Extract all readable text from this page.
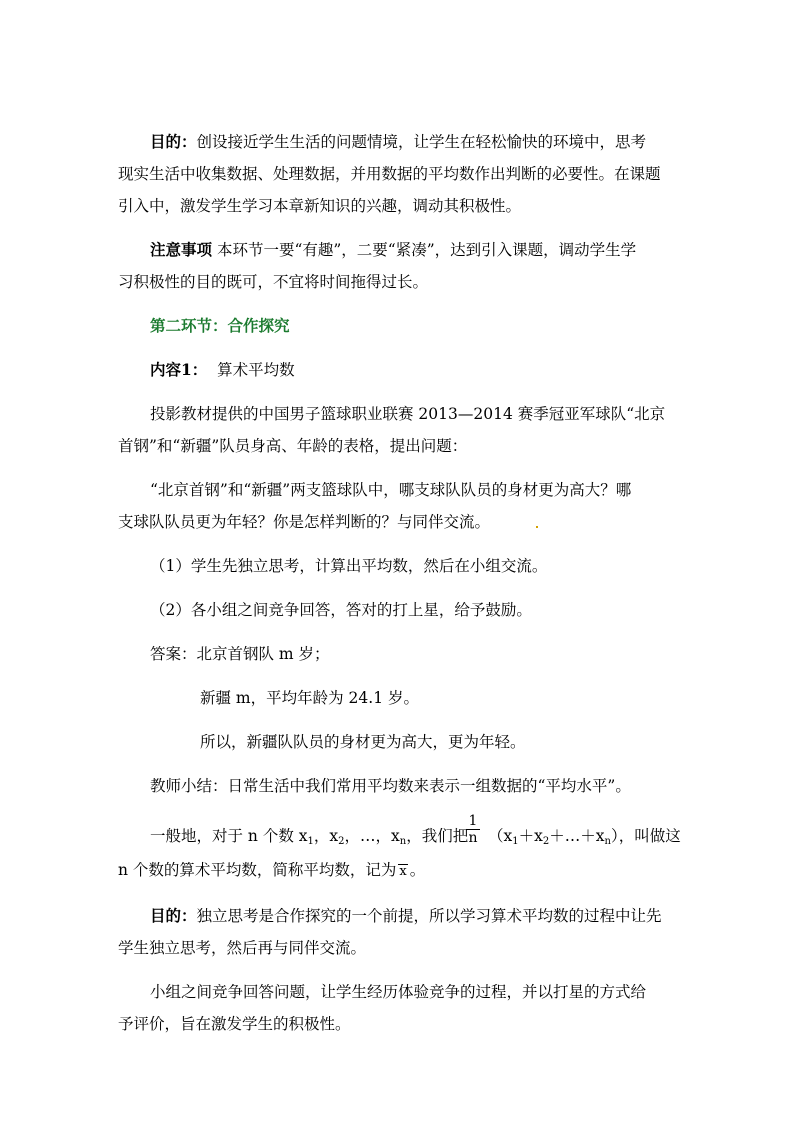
目的：创设接近学生生活的问题情境，让学生在轻松愉快的环境中，思考
现实生活中收集数据、处理数据，并用数据的平均数作出判断的必要性。在课题
引入中，激发学生学习本章新知识的兴趣，调动其积极性。
注意事项 本环节一要“有趣”，二要“紧凑”，达到引入课题，调动学生学
习积极性的目的既可，不宜将时间拖得过长。
第二环节：合作探究
内容1： 算术平均数
投影教材提供的中国男子篮球职业联赛 2013—2014 赛季冠亚军球队“北京
首钢”和“新疆”队员身高、年龄的表格，提出问题：
“北京首钢”和“新疆”两支篮球队中，哪支球队队员的身材更为高大？哪
支球队队员更为年轻？你是怎样判断的？与同伴交流。
（1）学生先独立思考，计算出平均数，然后在小组交流。
（2）各小组之间竞争回答，答对的打上星，给予鼓励。
答案：北京首钢队 m 岁；
新疆 m，平均年龄为 24.1 岁。
所以，新疆队队员的身材更为高大，更为年轻。
教师小结：日常生活中我们常用平均数来表示一组数据的“平均水平”。
一般地，对于 n 个数 $x_1$，$x_2$，…，$x_n$，我们把
$\frac{1}{n}$ $(x_1+x_2+\dots+x_n)$，叫做这
n 个数的算术平均数，简称平均数，记为 x 。
目的：独立思考是合作探究的一个前提，所以学习算术平均数的过程中让先
学生独立思考，然后再与同伴交流。
小组之间竞争回答问题，让学生经历体验竞争的过程，并以打星的方式给
予评价，旨在激发学生的积极性。
